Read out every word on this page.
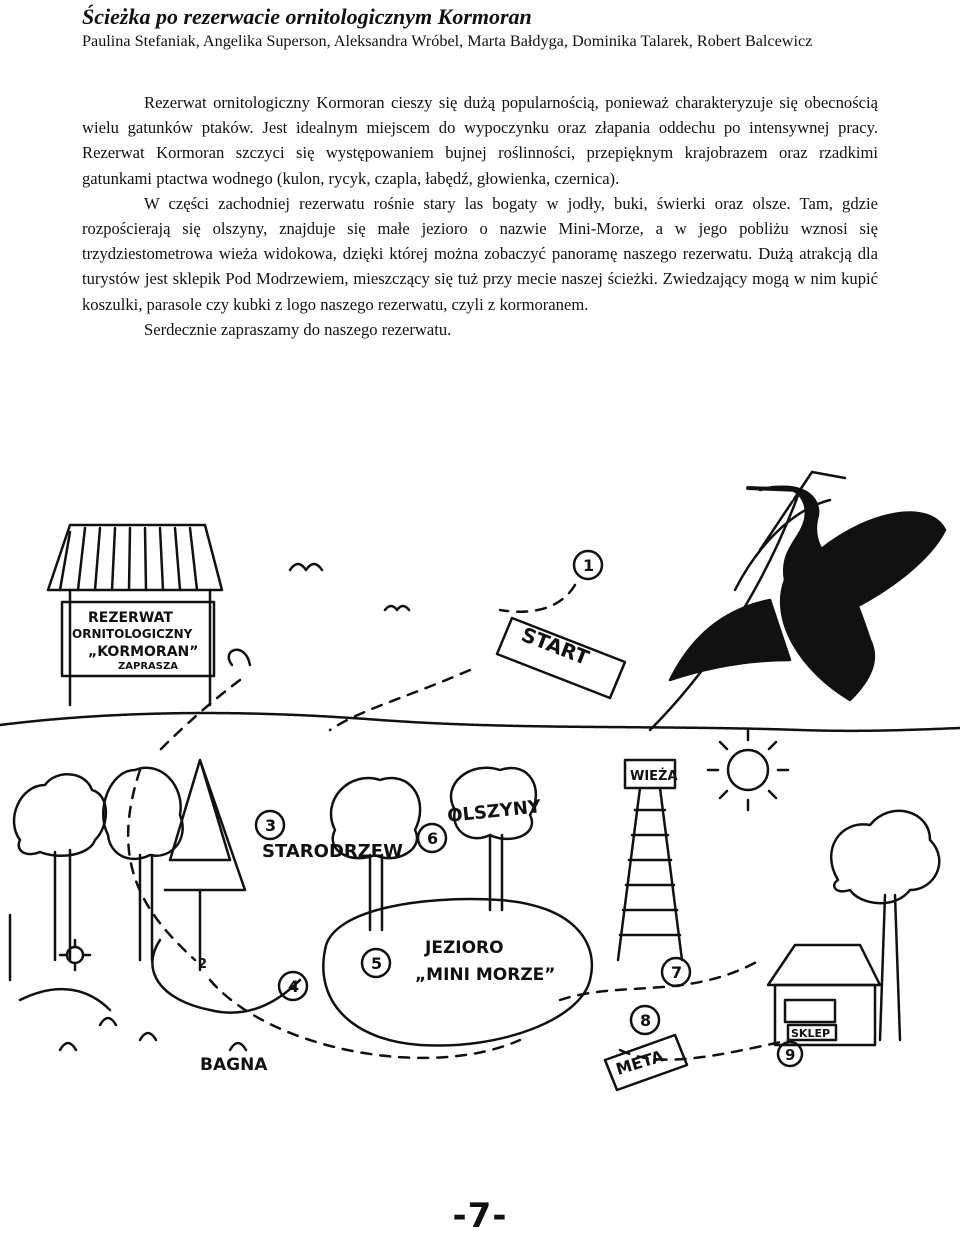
Ścieżka po rezerwacie ornitologicznym Kormoran

Paulina Stefaniak, Angelika Superson, Aleksandra Wróbel, Marta Bałdyga, Dominika Talarek, Robert Balcewicz

Rezerwat ornitologiczny Kormoran cieszy się dużą popularnością, ponieważ charakteryzuje się obecnością wielu gatunków ptaków. Jest idealnym miejscem do wypoczynku oraz złapania oddechu po intensywnej pracy. Rezerwat Kormoran szczyci się występowaniem bujnej roślinności, przepięknym krajobrazem oraz rzadkimi gatunkami ptactwa wodnego (kulon, rycyk, czapla, łabędź, głowienka, czernica).

W części zachodniej rezerwatu rośnie stary las bogaty w jodły, buki, świerki oraz olsze. Tam, gdzie rozpościerają się olszyny, znajduje się małe jezioro o nazwie Mini-Morze, a w jego pobliżu wznosi się trzydziestometrowa wieża widokowa, dzięki której można zobaczyć panoramę naszego rezerwatu. Dużą atrakcją dla turystów jest sklepik Pod Modrzewiem, mieszczący się tuż przy mecie naszej ścieżki. Zwiedzający mogą w nim kupić koszulki, parasole czy kubki z logo naszego rezerwatu, czyli z kormoranem.

Serdecznie zapraszamy do naszego rezerwatu.

REZERWAT
ORNITOLOGICZNY
„KORMORAN”
ZAPRASZA	START
1
3
STARODRZEW
6
OLSZYNY
WIEŻA
7
SKLEP
9
8
JEZIORO
„MINI MORZE”
5
4
2
BAGNA	META
-7-
